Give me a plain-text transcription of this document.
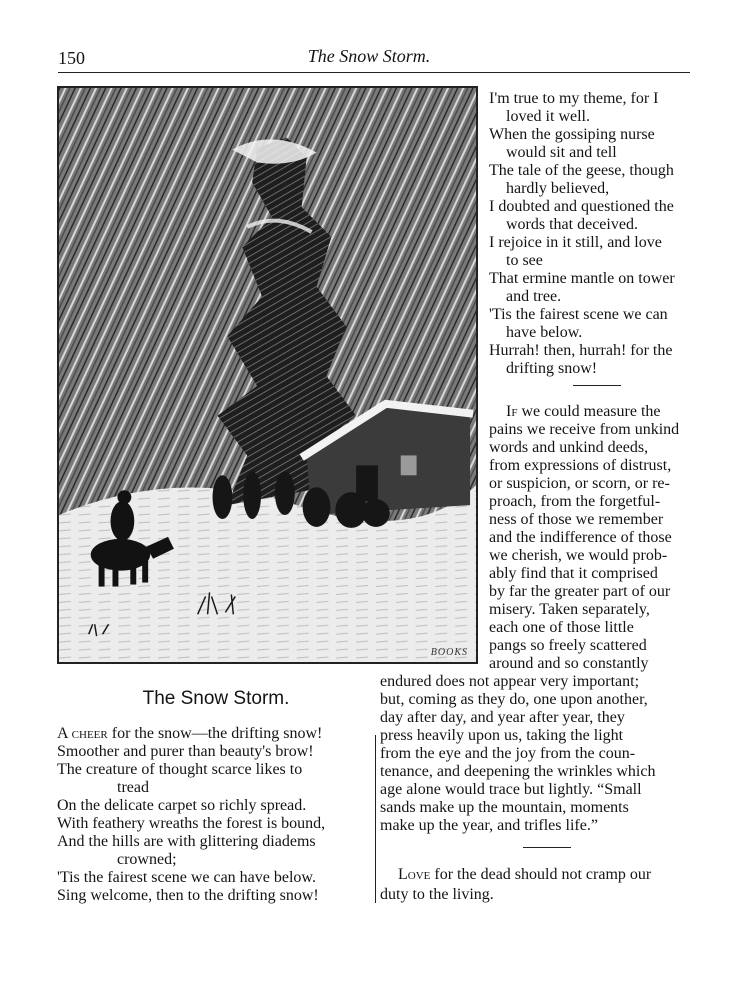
150	The Snow Storm.
BOOKS
I'm true to my theme, for I
loved it well.
When the gossiping nurse
would sit and tell
The tale of the geese, though
hardly believed,
I doubted and questioned the
words that deceived.
I rejoice in it still, and love
to see
That ermine mantle on tower
and tree.
'Tis the fairest scene we can
have below.
Hurrah! then, hurrah! for the
drifting snow!
If we could measure the
pains we receive from unkind
words and unkind deeds,
from expressions of distrust,
or suspicion, or scorn, or re-
proach, from the forgetful-
ness of those we remember
and the indifference of those
we cherish, we would prob-
ably find that it comprised
by far the greater part of our
misery. Taken separately,
each one of those little
pangs so freely scattered
around and so constantly
endured does not appear very important;
but, coming as they do, one upon another,
day after day, and year after year, they
press heavily upon us, taking the light
from the eye and the joy from the coun-
tenance, and deepening the wrinkles which
age alone would trace but lightly. “Small
sands make up the mountain, moments
make up the year, and trifles life.”
The Snow Storm.
A cheer for the snow—the drifting snow!
Smoother and purer than beauty's brow!
The creature of thought scarce likes to
tread
On the delicate carpet so richly spread.
With feathery wreaths the forest is bound,
And the hills are with glittering diadems
crowned;
'Tis the fairest scene we can have below.
Sing welcome, then to the drifting snow!
Love for the dead should not cramp our
duty to the living.
